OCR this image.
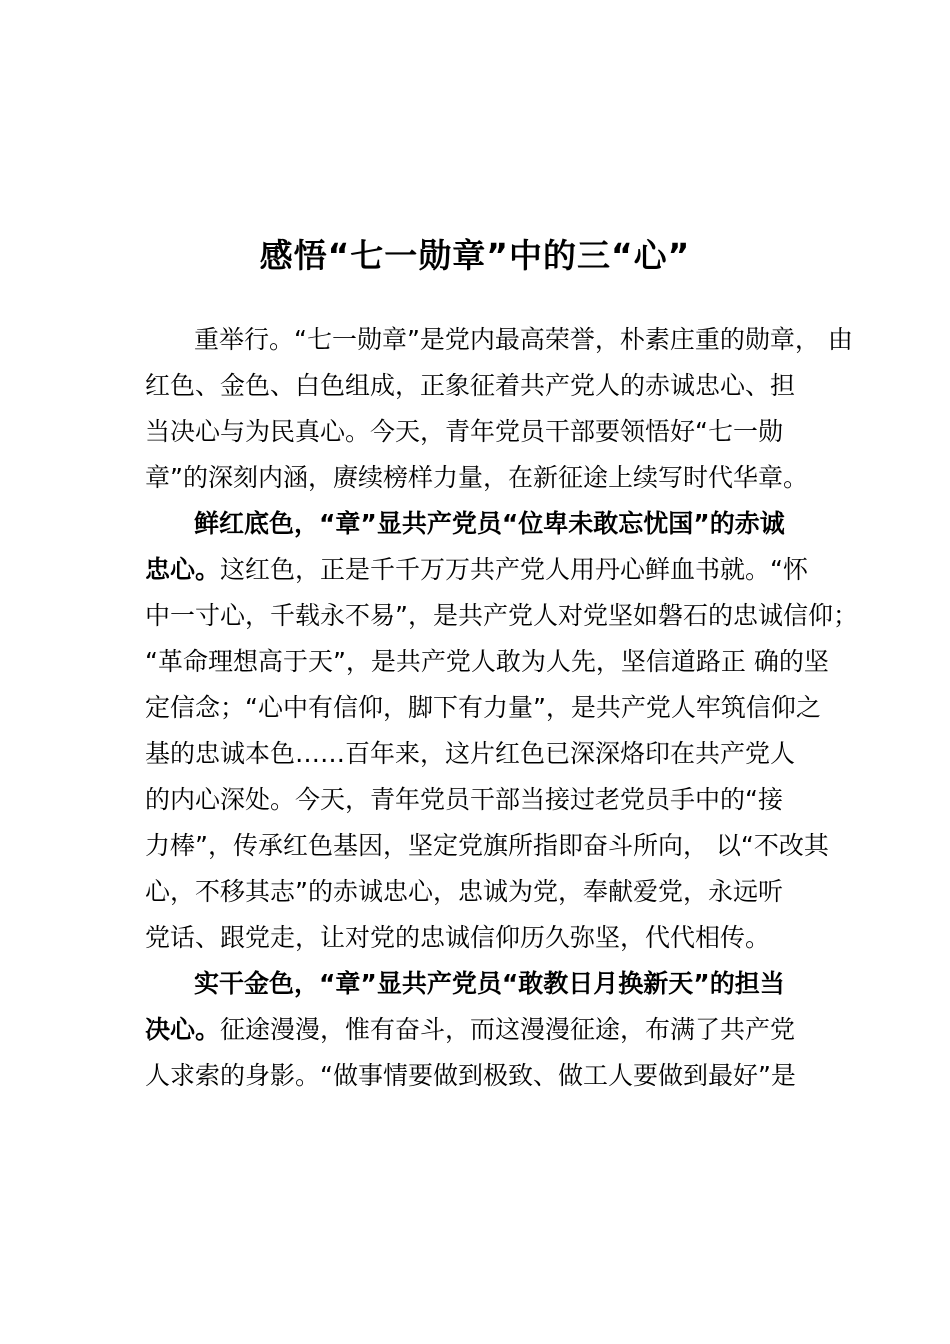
感悟“七一勋章”中的三“心”
重举行。“七一勋章”是党内最高荣誉，朴素庄重的勋章， 由
红色、金色、白色组成，正象征着共产党人的赤诚忠心、担
当决心与为民真心。今天，青年党员干部要领悟好“七一勋
章”的深刻内涵，赓续榜样力量，在新征途上续写时代华章。
鲜红底色，“章”显共产党员“位卑未敢忘忧国”的赤诚
忠心。这红色，正是千千万万共产党人用丹心鲜血书就。“怀
中一寸心，千载永不易”，是共产党人对党坚如磐石的忠诚信仰；
“革命理想高于天”，是共产党人敢为人先，坚信道路正 确的坚
定信念；“心中有信仰，脚下有力量”，是共产党人牢筑信仰之
基的忠诚本色……百年来，这片红色已深深烙印在共产党人
的内心深处。今天，青年党员干部当接过老党员手中的“接
力棒”，传承红色基因，坚定党旗所指即奋斗所向， 以“不改其
心，不移其志”的赤诚忠心，忠诚为党，奉献爱党，永远听
党话、跟党走，让对党的忠诚信仰历久弥坚，代代相传。
实干金色，“章”显共产党员“敢教日月换新天”的担当
决心。征途漫漫，惟有奋斗，而这漫漫征途，布满了共产党
人求索的身影。“做事情要做到极致、做工人要做到最好”是
